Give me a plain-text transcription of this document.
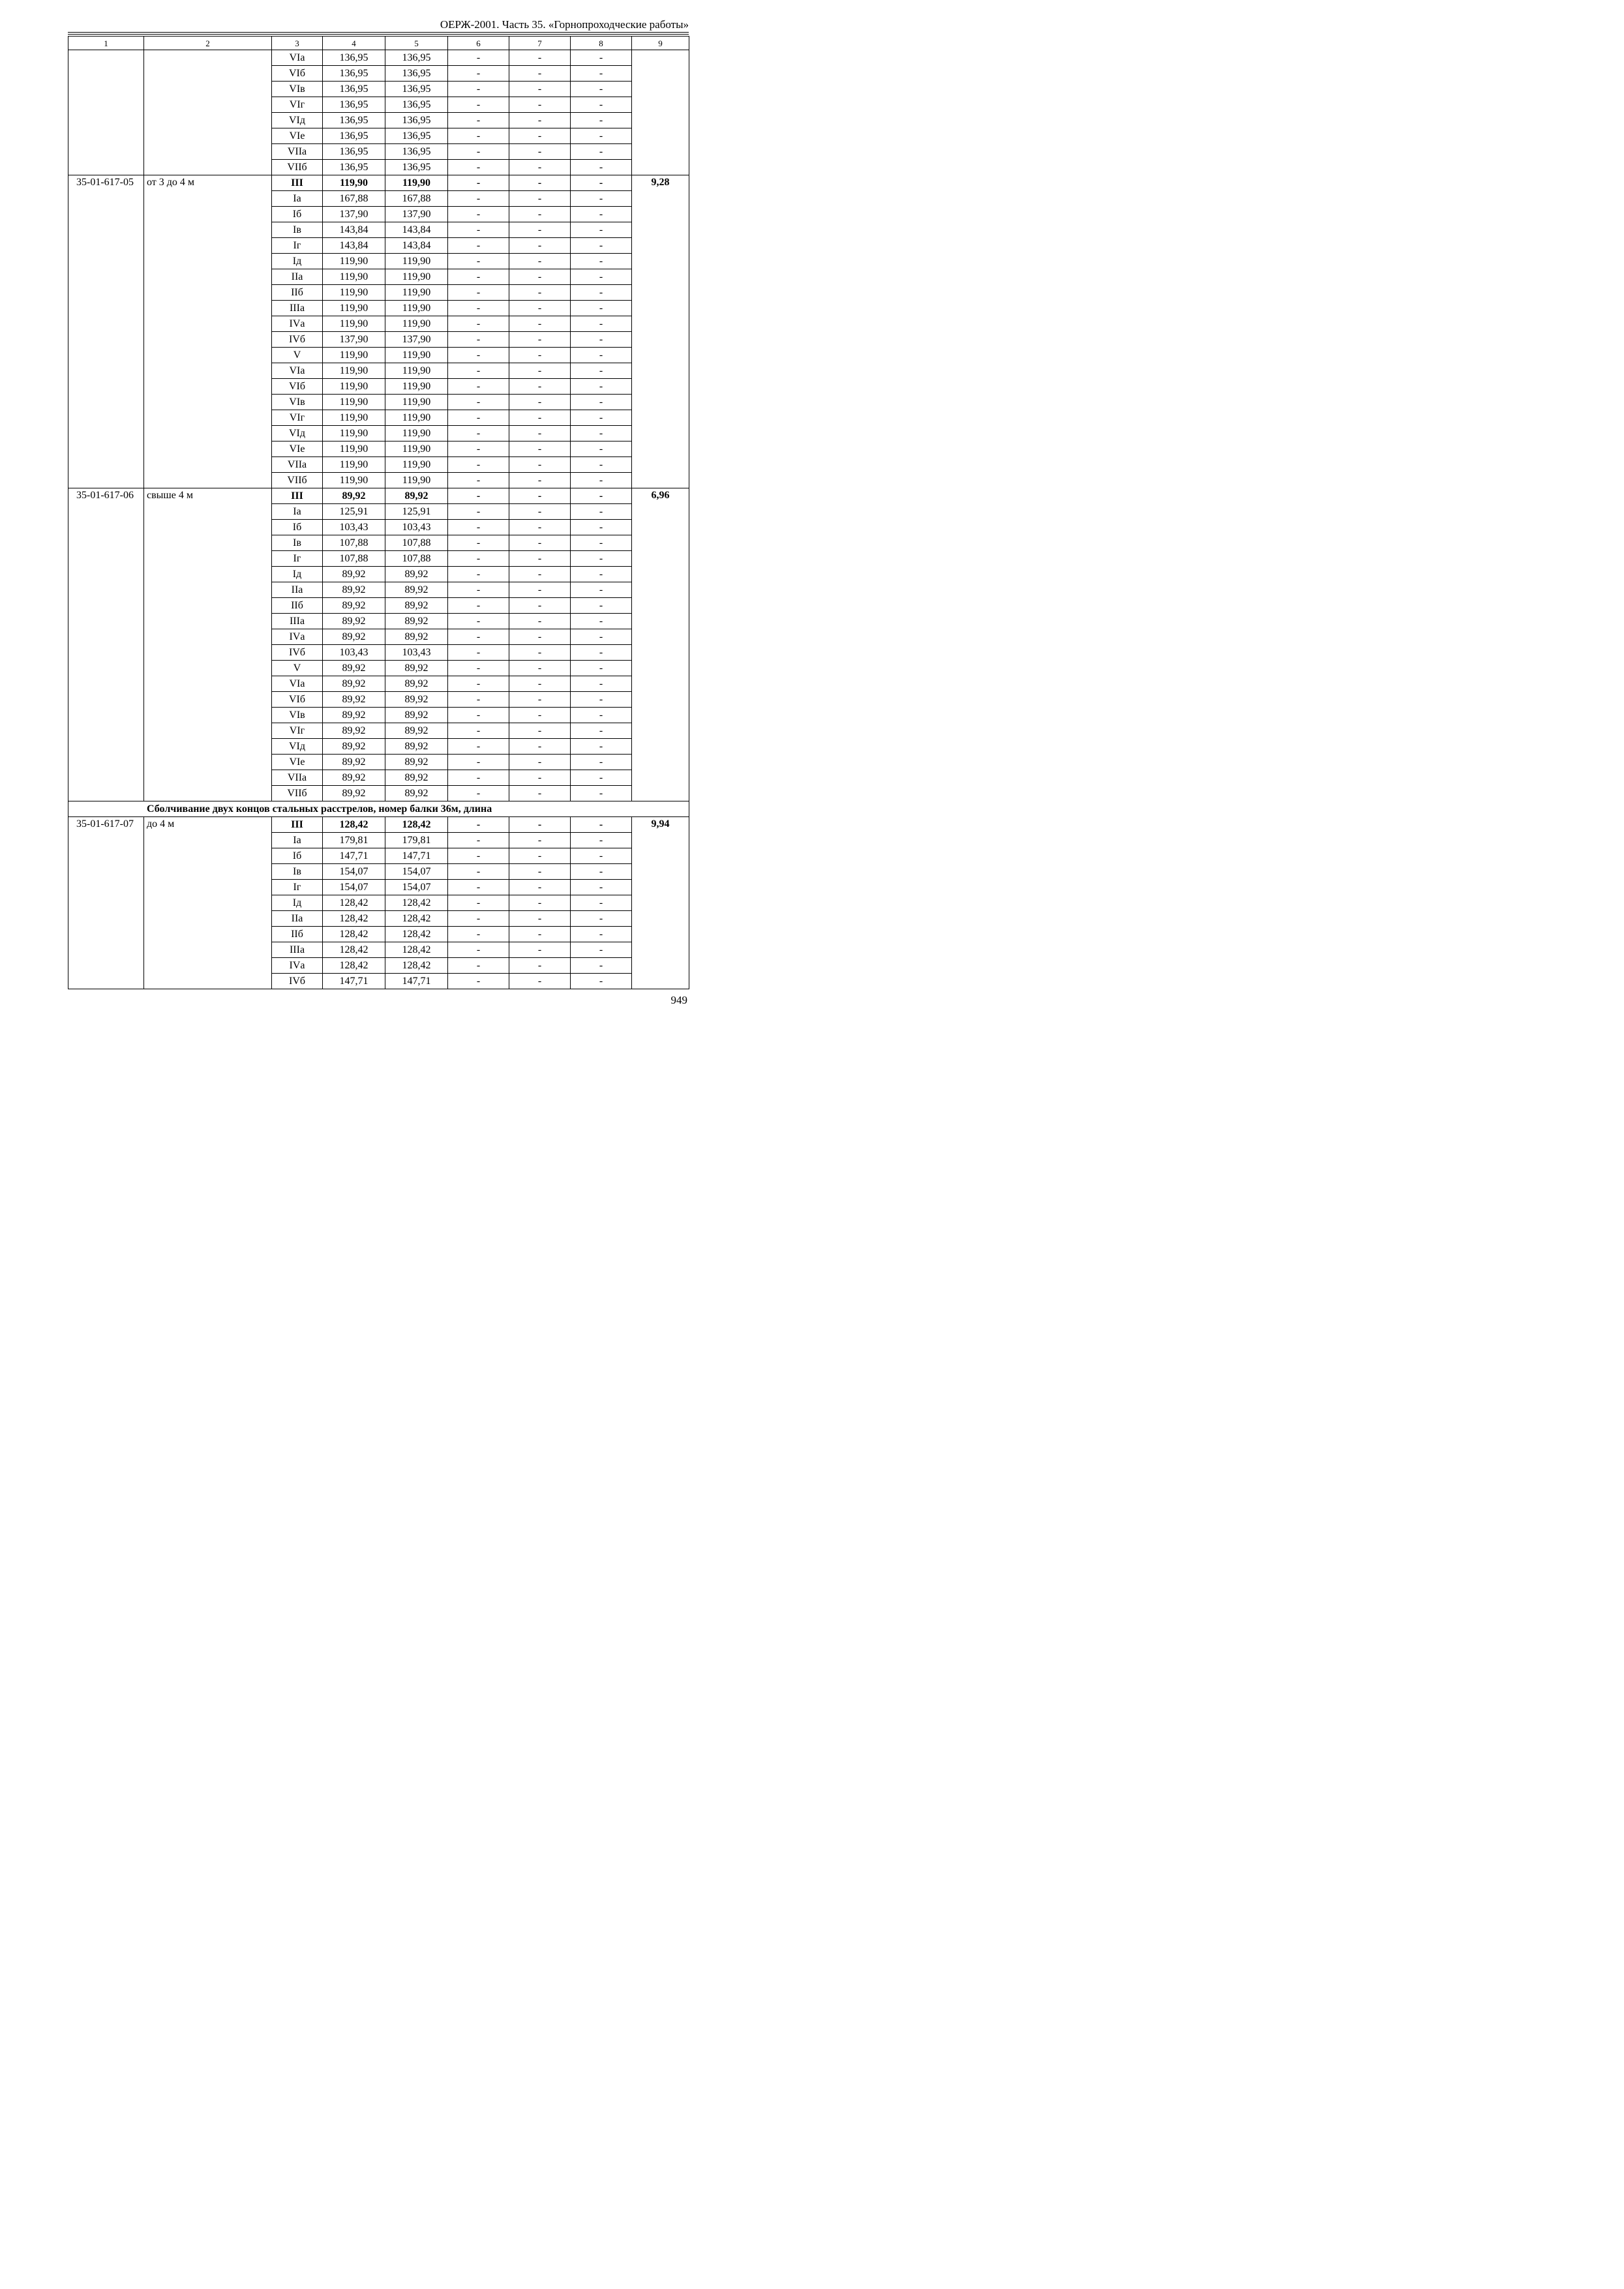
ОЕРЖ-2001. Часть 35. «Горнопроходческие работы»
1	2	3	4	5	6	7	8	9
		VIа	136,95	136,95	-	-	-	
		VIб	136,95	136,95	-	-	-	
		VIв	136,95	136,95	-	-	-	
		VIг	136,95	136,95	-	-	-	
		VIд	136,95	136,95	-	-	-	
		VIе	136,95	136,95	-	-	-	
		VIIа	136,95	136,95	-	-	-	
		VIIб	136,95	136,95	-	-	-	
35-01-617-05	от 3 до 4 м	III	119,90	119,90	-	-	-	9,28
		Iа	167,88	167,88	-	-	-	
		Iб	137,90	137,90	-	-	-	
		Iв	143,84	143,84	-	-	-	
		Iг	143,84	143,84	-	-	-	
		Iд	119,90	119,90	-	-	-	
		IIа	119,90	119,90	-	-	-	
		IIб	119,90	119,90	-	-	-	
		IIIа	119,90	119,90	-	-	-	
		IVа	119,90	119,90	-	-	-	
		IVб	137,90	137,90	-	-	-	
		V	119,90	119,90	-	-	-	
		VIа	119,90	119,90	-	-	-	
		VIб	119,90	119,90	-	-	-	
		VIв	119,90	119,90	-	-	-	
		VIг	119,90	119,90	-	-	-	
		VIд	119,90	119,90	-	-	-	
		VIе	119,90	119,90	-	-	-	
		VIIа	119,90	119,90	-	-	-	
		VIIб	119,90	119,90	-	-	-	
35-01-617-06	свыше 4 м	III	89,92	89,92	-	-	-	6,96
		Iа	125,91	125,91	-	-	-	
		Iб	103,43	103,43	-	-	-	
		Iв	107,88	107,88	-	-	-	
		Iг	107,88	107,88	-	-	-	
		Iд	89,92	89,92	-	-	-	
		IIа	89,92	89,92	-	-	-	
		IIб	89,92	89,92	-	-	-	
		IIIа	89,92	89,92	-	-	-	
		IVа	89,92	89,92	-	-	-	
		IVб	103,43	103,43	-	-	-	
		V	89,92	89,92	-	-	-	
		VIа	89,92	89,92	-	-	-	
		VIб	89,92	89,92	-	-	-	
		VIв	89,92	89,92	-	-	-	
		VIг	89,92	89,92	-	-	-	
		VIд	89,92	89,92	-	-	-	
		VIе	89,92	89,92	-	-	-	
		VIIа	89,92	89,92	-	-	-	
		VIIб	89,92	89,92	-	-	-	
Сболчивание двух концов стальных расстрелов, номер балки 36м, длина								
35-01-617-07	до 4 м	III	128,42	128,42	-	-	-	9,94
		Iа	179,81	179,81	-	-	-	
		Iб	147,71	147,71	-	-	-	
		Iв	154,07	154,07	-	-	-	
		Iг	154,07	154,07	-	-	-	
		Iд	128,42	128,42	-	-	-	
		IIа	128,42	128,42	-	-	-	
		IIб	128,42	128,42	-	-	-	
		IIIа	128,42	128,42	-	-	-	
		IVа	128,42	128,42	-	-	-	
		IVб	147,71	147,71	-	-	-	
949
